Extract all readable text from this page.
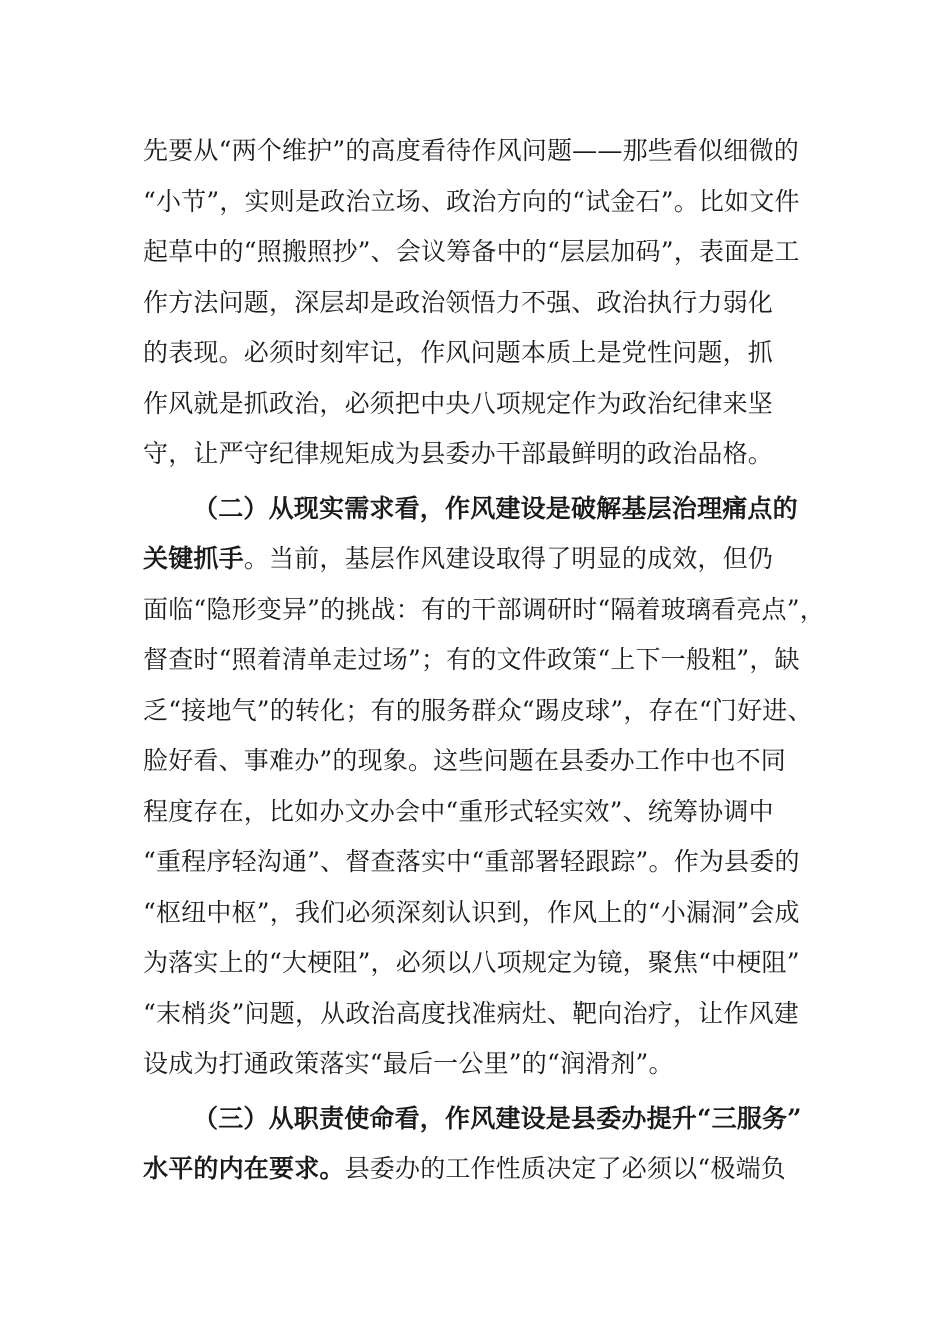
先要从“两个维护”的高度看待作风问题——那些看似细微的
“小节”，实则是政治立场、政治方向的“试金石”。比如文件
起草中的“照搬照抄”、会议筹备中的“层层加码”，表面是工
作方法问题，深层却是政治领悟力不强、政治执行力弱化
的表现。必须时刻牢记，作风问题本质上是党性问题，抓
作风就是抓政治，必须把中央八项规定作为政治纪律来坚
守，让严守纪律规矩成为县委办干部最鲜明的政治品格。
（二）从现实需求看，作风建设是破解基层治理痛点的
关键抓手。当前，基层作风建设取得了明显的成效，但仍
面临“隐形变异”的挑战：有的干部调研时“隔着玻璃看亮点”，
督查时“照着清单走过场”；有的文件政策“上下一般粗”，缺
乏“接地气”的转化；有的服务群众“踢皮球”，存在“门好进、
脸好看、事难办”的现象。这些问题在县委办工作中也不同
程度存在，比如办文办会中“重形式轻实效”、统筹协调中
“重程序轻沟通”、督查落实中“重部署轻跟踪”。作为县委的
“枢纽中枢”，我们必须深刻认识到，作风上的“小漏洞”会成
为落实上的“大梗阻”，必须以八项规定为镜，聚焦“中梗阻”
“末梢炎”问题，从政治高度找准病灶、靶向治疗，让作风建
设成为打通政策落实“最后一公里”的“润滑剂”。
（三）从职责使命看，作风建设是县委办提升“三服务”
水平的内在要求。县委办的工作性质决定了必须以“极端负
